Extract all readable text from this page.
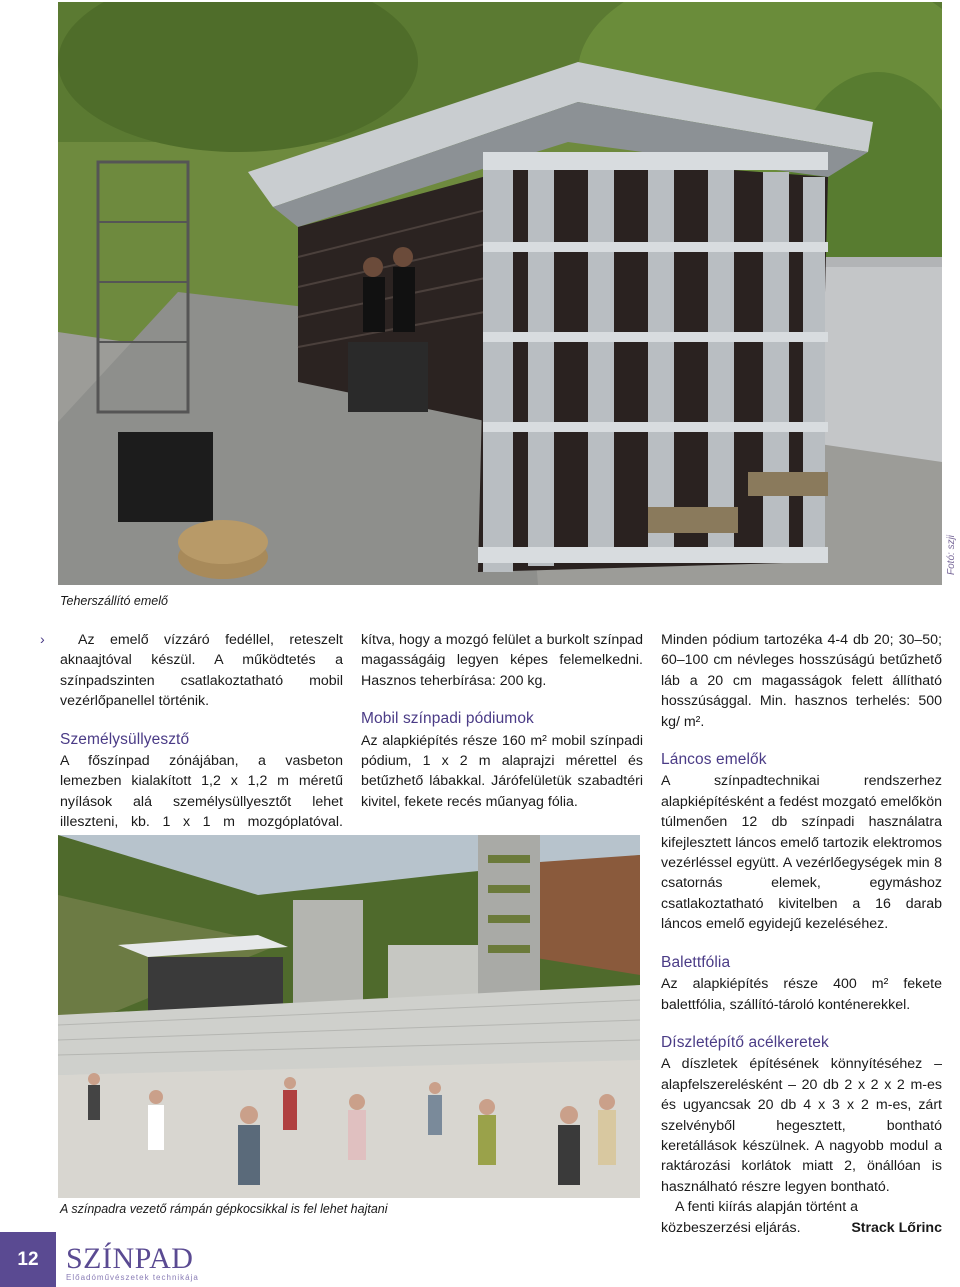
Teherszállító emelő
Fotó: szji

› Az emelő vízzáró fedéllel, reteszelt aknaajtóval készül. A működtetés a színpadszinten csatlakoztatható mobil vezérlőpanellel történik.

Személysüllyesztő

A főszínpad zónájában, a vasbeton lemezben kialakított 1,2 x 1,2 m méretű nyílások alá személysüllyesztőt lehet illeszteni, kb. 1 x 1 m mozgóplatóval.

kítva, hogy a mozgó felület a burkolt színpad magasságáig legyen képes felemelkedni. Hasznos teherbírása: 200 kg.

Mobil színpadi pódiumok

Az alapkiépítés része 160 m² mobil színpadi pódium, 1 x 2 m alaprajzi mérettel és betűzhető lábakkal. Járófelületük szabadtéri kivitel, fekete recés műanyag fólia.

Minden pódium tartozéka 4-4 db 20; 30–50; 60–100 cm névleges hosszúságú betűzhető láb a 20 cm magasságok felett állítható hosszúsággal. Min. hasznos terhelés: 500 kg/ m².

Láncos emelők

A színpadtechnikai rendszerhez alapkiépítésként a fedést mozgató emelőkön túlmenően 12 db színpadi használatra kifejlesztett láncos emelő tartozik elektromos vezérléssel együtt. A vezérlőegységek min 8 csatornás elemek, egymáshoz csatlakoztatható kivitelben a 16 darab láncos emelő egyidejű kezeléséhez.

Balettfólia

Az alapkiépítés része 400 m² fekete balettfólia, szállító-tároló konténerekkel.

Díszletépítő acélkeretek

A díszletek építésének könnyítéséhez – alapfelszerelésként – 20 db 2 x 2 x 2 m-es és ugyancsak 20 db 4 x 3 x 2 m-es, zárt szelvényből hegesztett, bontható keretállások készülnek. A nagyobb modul a raktározási korlátok miatt 2, önállóan is használható részre legyen bontható.

A fenti kiírás alapján történt a közbeszerzési eljárás.	Strack Lőrinc

A színpadra vezető rámpán gépkocsikkal is fel lehet hajtani
12 SZÍNPAD
Előadóművészetek technikája
